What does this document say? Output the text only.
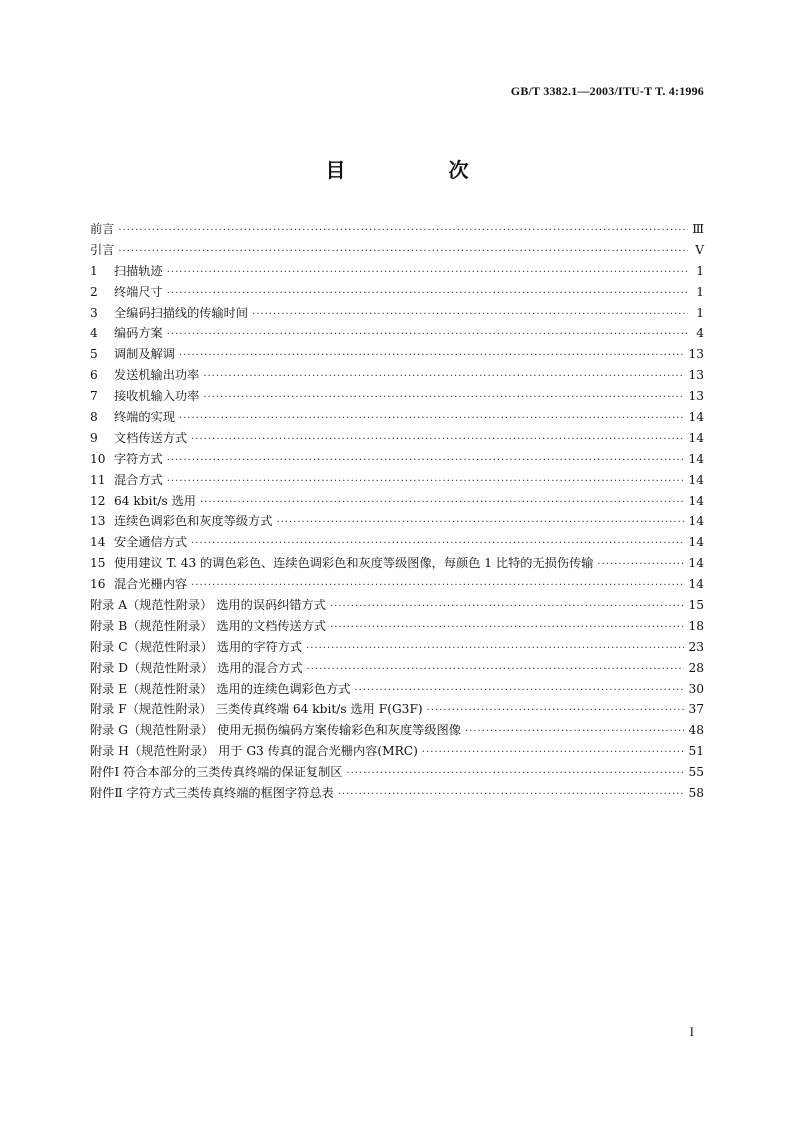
GB/T 3382.1—2003/ITU-T T. 4:1996
目 次
前言 ·····	Ⅲ
引言 ·····	Ⅴ
1 扫描轨迹 ·····	1
2 终端尺寸 ·····	1
3 全编码扫描线的传输时间 ·····	1
4 编码方案 ·····	4
5 调制及解调 ·····	13
6 发送机输出功率 ·····	13
7 接收机输入功率 ·····	13
8 终端的实现 ·····	14
9 文档传送方式 ·····	14
10 字符方式 ·····	14
11 混合方式 ·····	14
12 64 kbit/s 选用 ·····	14
13 连续色调彩色和灰度等级方式 ·····	14
14 安全通信方式 ·····	14
15 使用建议 T. 43 的调色彩色、连续色调彩色和灰度等级图像，每颜色 1 比特的无损伤传输 ·····	14
16 混合光栅内容 ·····	14
附录 A（规范性附录） 选用的误码纠错方式 ·····	15
附录 B（规范性附录） 选用的文档传送方式 ·····	18
附录 C（规范性附录） 选用的字符方式 ·····	23
附录 D（规范性附录） 选用的混合方式 ·····	28
附录 E（规范性附录） 选用的连续色调彩色方式 ·····	30
附录 F（规范性附录） 三类传真终端 64 kbit/s 选用 F(G3F) ·····	37
附录 G（规范性附录） 使用无损伤编码方案传输彩色和灰度等级图像 ·····	48
附录 H（规范性附录） 用于 G3 传真的混合光栅内容(MRC) ·····	51
附件Ⅰ 符合本部分的三类传真终端的保证复制区 ·····	55
附件Ⅱ 字符方式三类传真终端的框图字符总表 ·····	58
I
